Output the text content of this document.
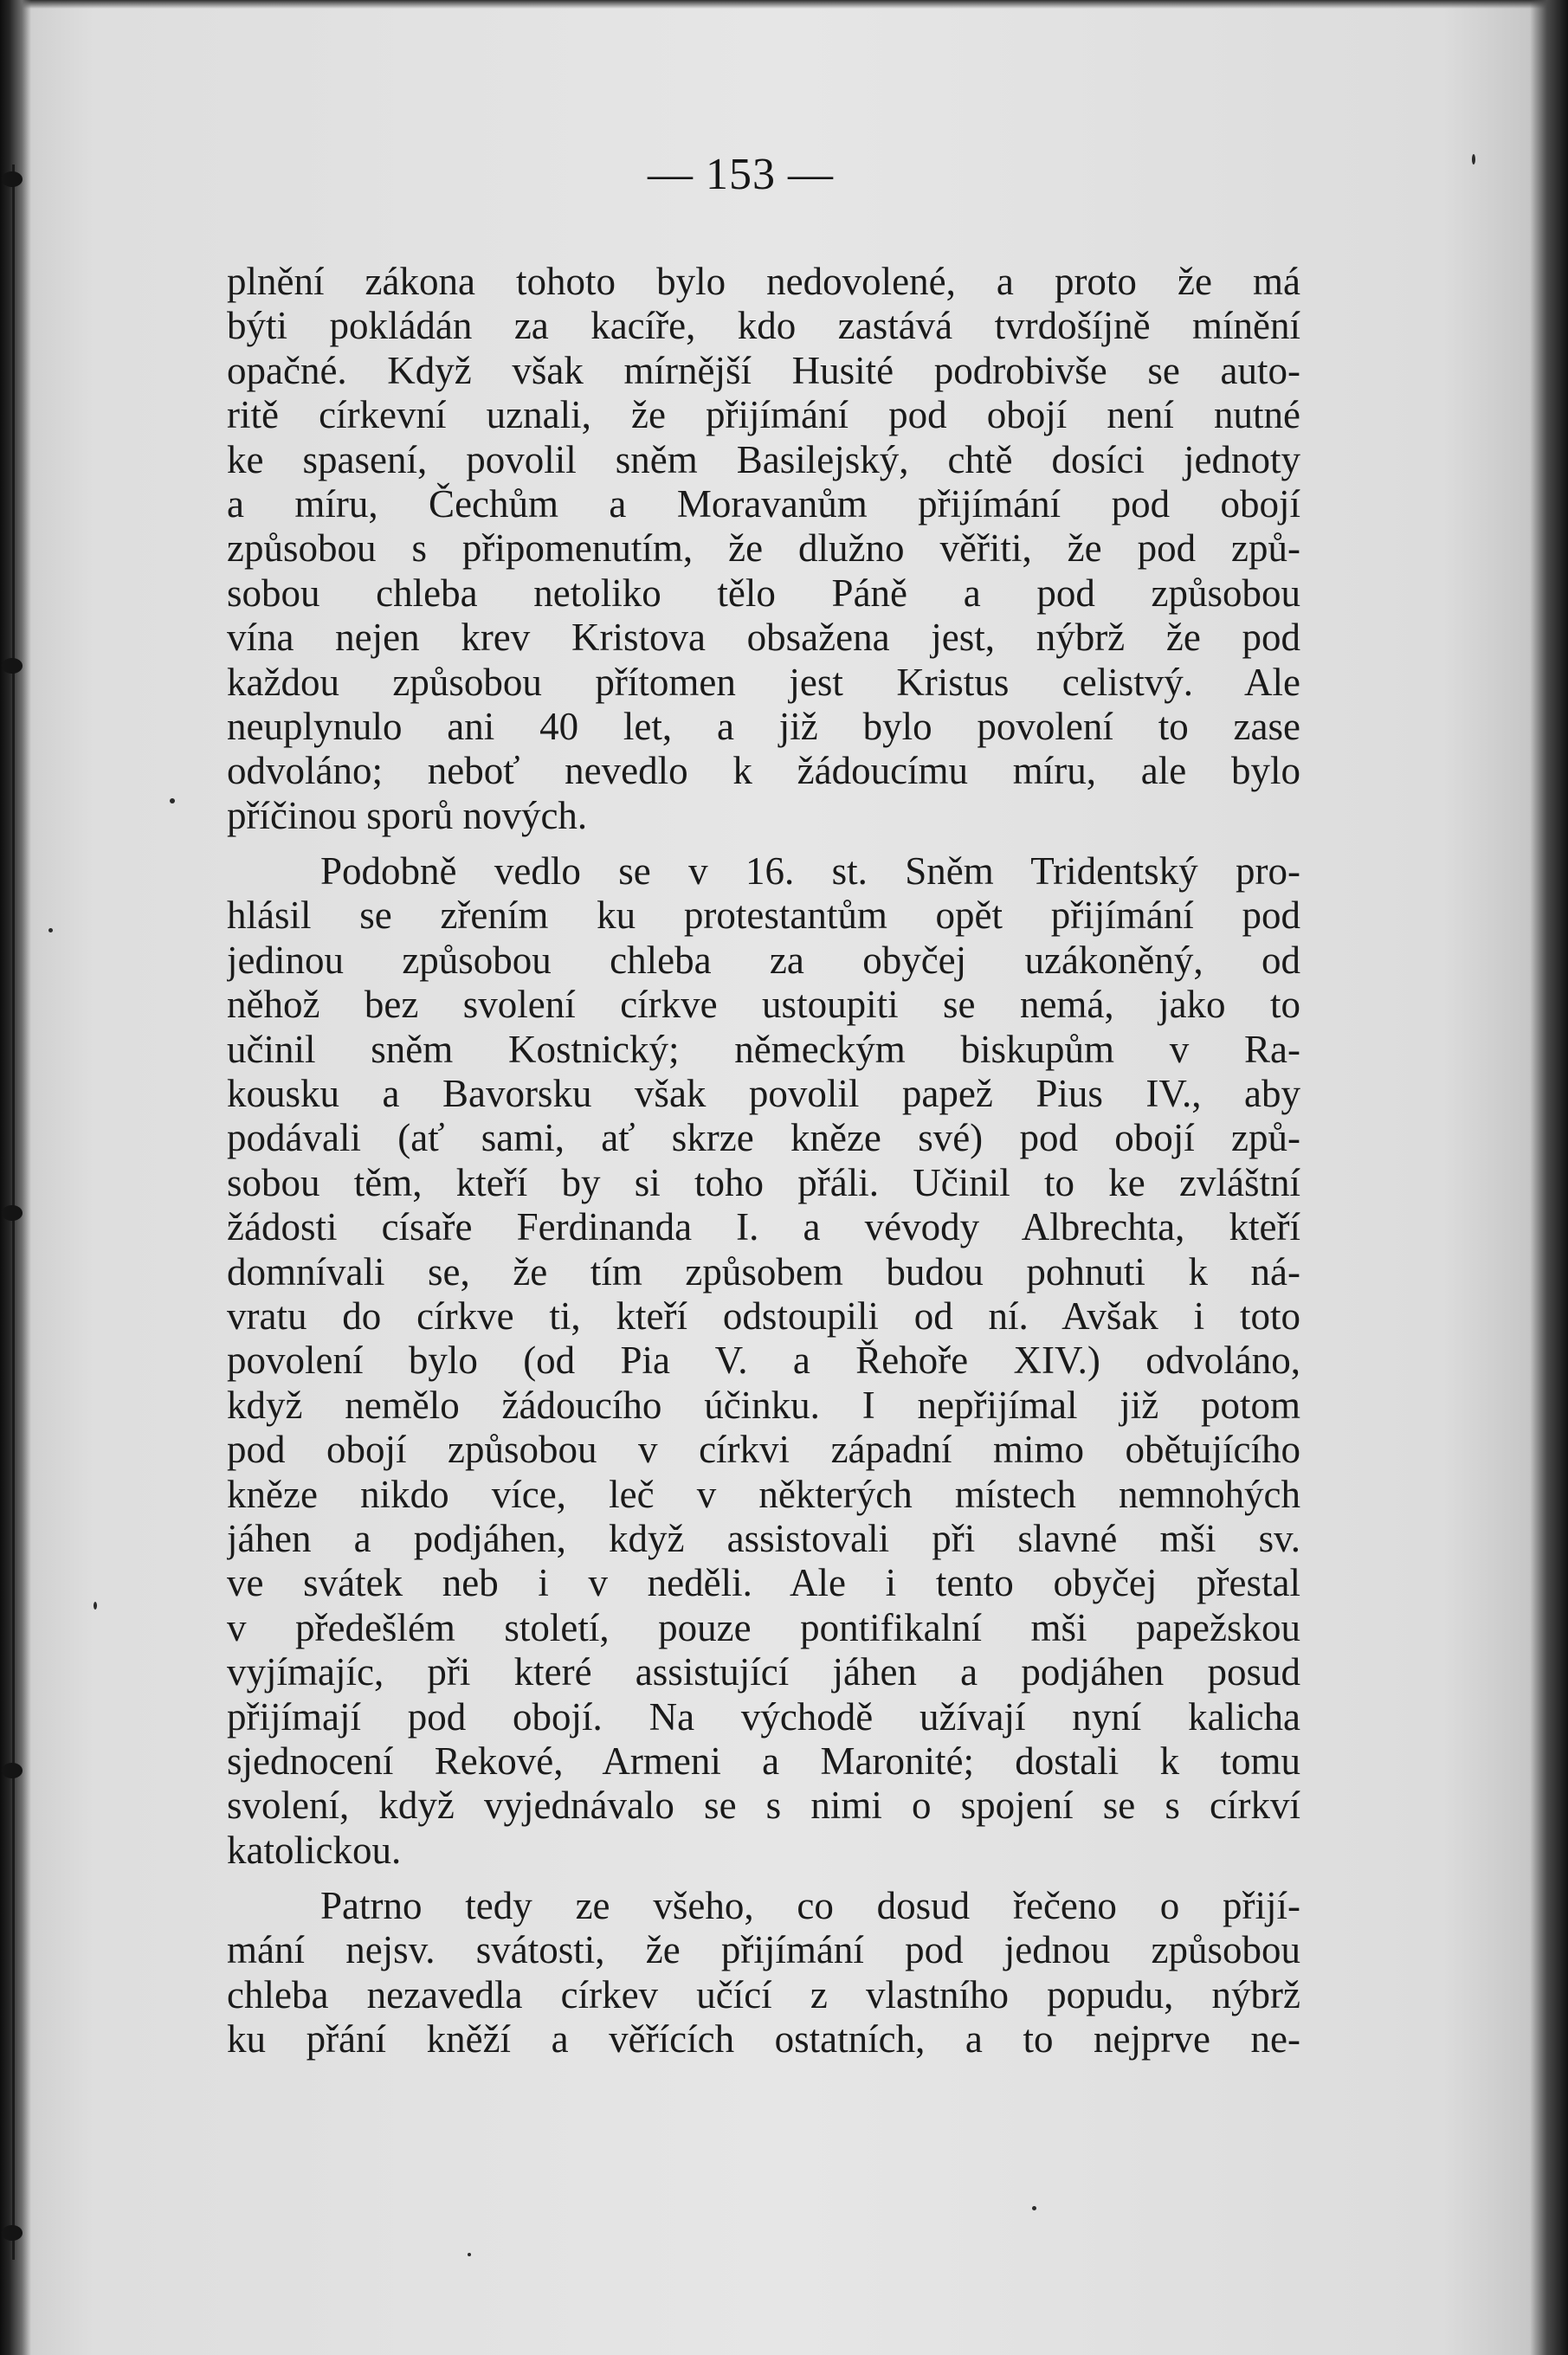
— 153 —
plnění zákona tohoto bylo nedovolené, a proto že má
býti pokládán za kacíře, kdo zastává tvrdošíjně mínění
opačné. Když však mírnější Husité podrobivše se auto-
ritě církevní uznali, že přijímání pod obojí není nutné
ke spasení, povolil sněm Basilejský, chtě dosíci jednoty
a míru, Čechům a Moravanům přijímání pod obojí
způsobou s připomenutím, že dlužno věřiti, že pod způ-
sobou chleba netoliko tělo Páně a pod způsobou
vína nejen krev Kristova obsažena jest, nýbrž že pod
každou způsobou přítomen jest Kristus celistvý. Ale
neuplynulo ani 40 let, a již bylo povolení to zase
odvoláno; neboť nevedlo k žádoucímu míru, ale bylo
příčinou sporů nových.
Podobně vedlo se v 16. st. Sněm Tridentský pro-
hlásil se zřením ku protestantům opět přijímání pod
jedinou způsobou chleba za obyčej uzákoněný, od
něhož bez svolení církve ustoupiti se nemá, jako to
učinil sněm Kostnický; německým biskupům v Ra-
kousku a Bavorsku však povolil papež Pius IV., aby
podávali (ať sami, ať skrze kněze své) pod obojí způ-
sobou těm, kteří by si toho přáli. Učinil to ke zvláštní
žádosti císaře Ferdinanda I. a vévody Albrechta, kteří
domnívali se, že tím způsobem budou pohnuti k ná-
vratu do církve ti, kteří odstoupili od ní. Avšak i toto
povolení bylo (od Pia V. a Řehoře XIV.) odvoláno,
když nemělo žádoucího účinku. I nepřijímal již potom
pod obojí způsobou v církvi západní mimo obětujícího
kněze nikdo více, leč v některých místech nemnohých
jáhen a podjáhen, když assistovali při slavné mši sv.
ve svátek neb i v neděli. Ale i tento obyčej přestal
v předešlém století, pouze pontifikalní mši papežskou
vyjímajíc, při které assistující jáhen a podjáhen posud
přijímají pod obojí. Na východě užívají nyní kalicha
sjednocení Rekové, Armeni a Maronité; dostali k tomu
svolení, když vyjednávalo se s nimi o spojení se s církví
katolickou.
Patrno tedy ze všeho, co dosud řečeno o přijí-
mání nejsv. svátosti, že přijímání pod jednou způsobou
chleba nezavedla církev učící z vlastního popudu, nýbrž
ku přání kněží a věřících ostatních, a to nejprve ne-
